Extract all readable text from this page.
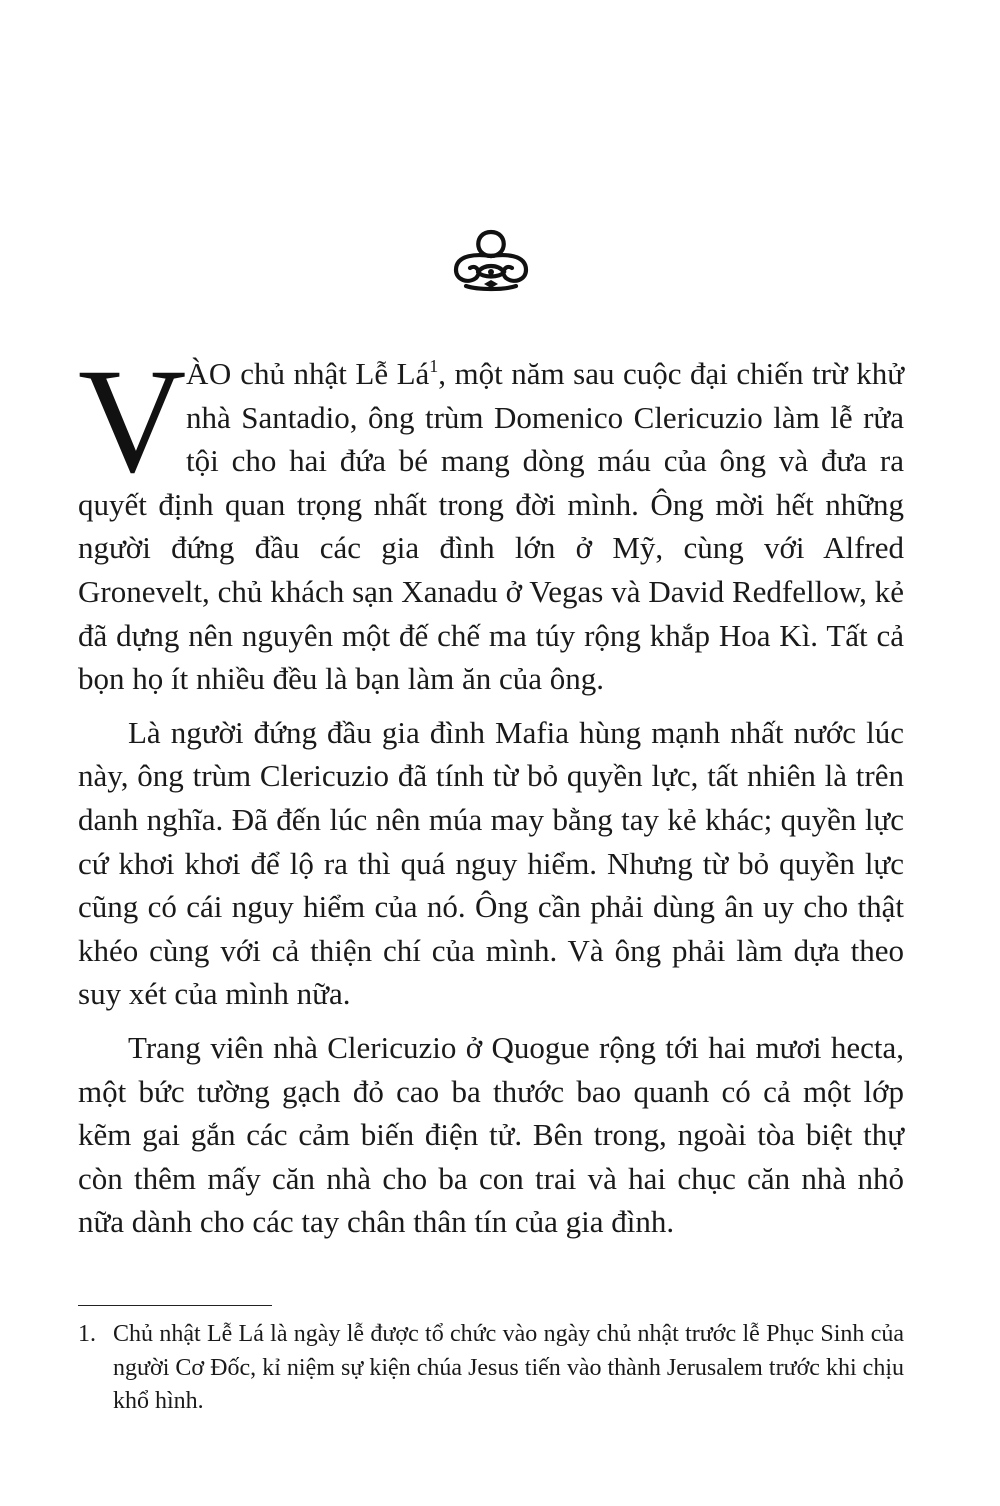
VÀO chủ nhật Lễ $Lá^1$, một năm sau cuộc đại chiến trừ khử nhà Santadio, ông trùm Domenico Clericuzio làm lễ rửa tội cho hai đứa bé mang dòng máu của ông và đưa ra quyết định quan trọng nhất trong đời mình. Ông mời hết những người đứng đầu các gia đình lớn ở Mỹ, cùng với Alfred Gronevelt, chủ khách sạn Xanadu ở Vegas và David Redfellow, kẻ đã dựng nên nguyên một đế chế ma túy rộng khắp Hoa Kì. Tất cả bọn họ ít nhiều đều là bạn làm ăn của ông.

Là người đứng đầu gia đình Mafia hùng mạnh nhất nước lúc này, ông trùm Clericuzio đã tính từ bỏ quyền lực, tất nhiên là trên danh nghĩa. Đã đến lúc nên múa may bằng tay kẻ khác; quyền lực cứ khơi khơi để lộ ra thì quá nguy hiểm. Nhưng từ bỏ quyền lực cũng có cái nguy hiểm của nó. Ông cần phải dùng ân uy cho thật khéo cùng với cả thiện chí của mình. Và ông phải làm dựa theo suy xét của mình nữa.

Trang viên nhà Clericuzio ở Quogue rộng tới hai mươi hecta, một bức tường gạch đỏ cao ba thước bao quanh có cả một lớp kẽm gai gắn các cảm biến điện tử. Bên trong, ngoài tòa biệt thự còn thêm mấy căn nhà cho ba con trai và hai chục căn nhà nhỏ nữa dành cho các tay chân thân tín của gia đình.

1. Chủ nhật Lễ Lá là ngày lễ được tổ chức vào ngày chủ nhật trước lễ Phục Sinh của người Cơ Đốc, kỉ niệm sự kiện chúa Jesus tiến vào thành Jerusalem trước khi chịu khổ hình.
